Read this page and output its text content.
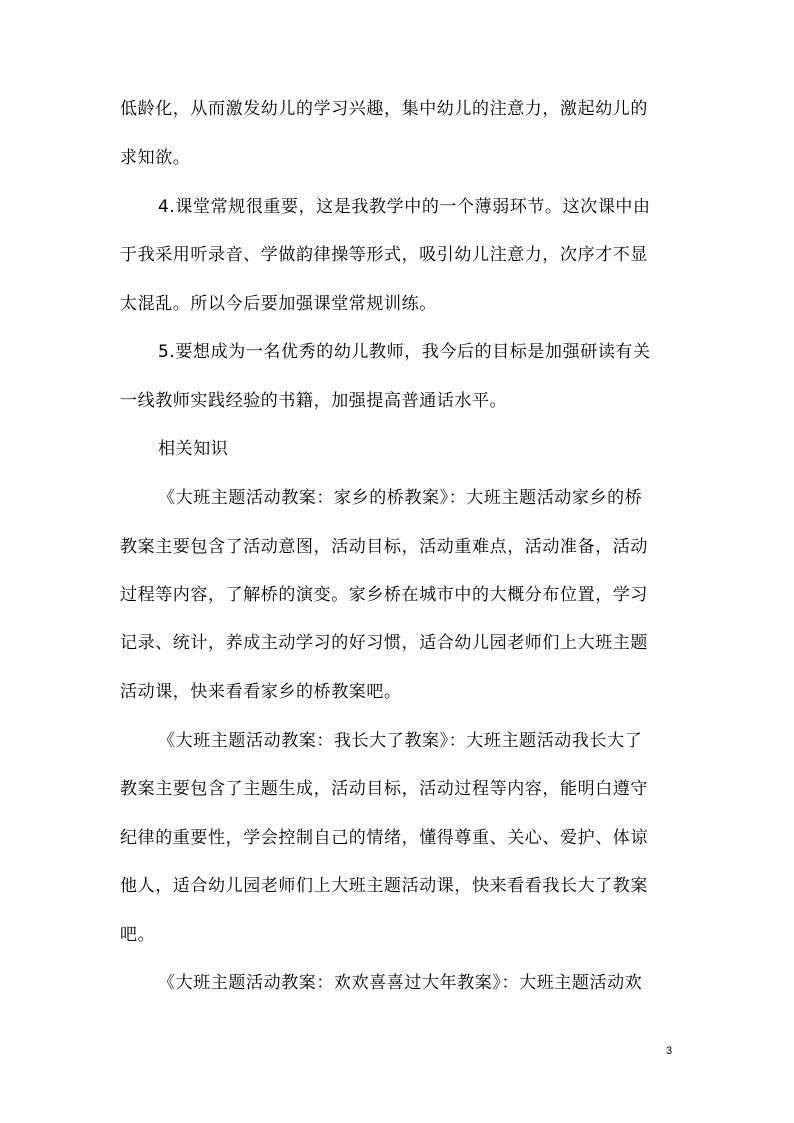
低龄化，从而激发幼儿的学习兴趣，集中幼儿的注意力，激起幼儿的
求知欲。
4.课堂常规很重要，这是我教学中的一个薄弱环节。这次课中由
于我采用听录音、学做韵律操等形式，吸引幼儿注意力，次序才不显
太混乱。所以今后要加强课堂常规训练。
5.要想成为一名优秀的幼儿教师，我今后的目标是加强研读有关
一线教师实践经验的书籍，加强提高普通话水平。
相关知识
《大班主题活动教案：家乡的桥教案》：大班主题活动家乡的桥
教案主要包含了活动意图，活动目标，活动重难点，活动准备，活动
过程等内容，了解桥的演变。家乡桥在城市中的大概分布位置，学习
记录、统计，养成主动学习的好习惯，适合幼儿园老师们上大班主题
活动课，快来看看家乡的桥教案吧。
《大班主题活动教案：我长大了教案》：大班主题活动我长大了
教案主要包含了主题生成，活动目标，活动过程等内容，能明白遵守
纪律的重要性，学会控制自己的情绪，懂得尊重、关心、爱护、体谅
他人，适合幼儿园老师们上大班主题活动课，快来看看我长大了教案
吧。
《大班主题活动教案：欢欢喜喜过大年教案》：大班主题活动欢
3
